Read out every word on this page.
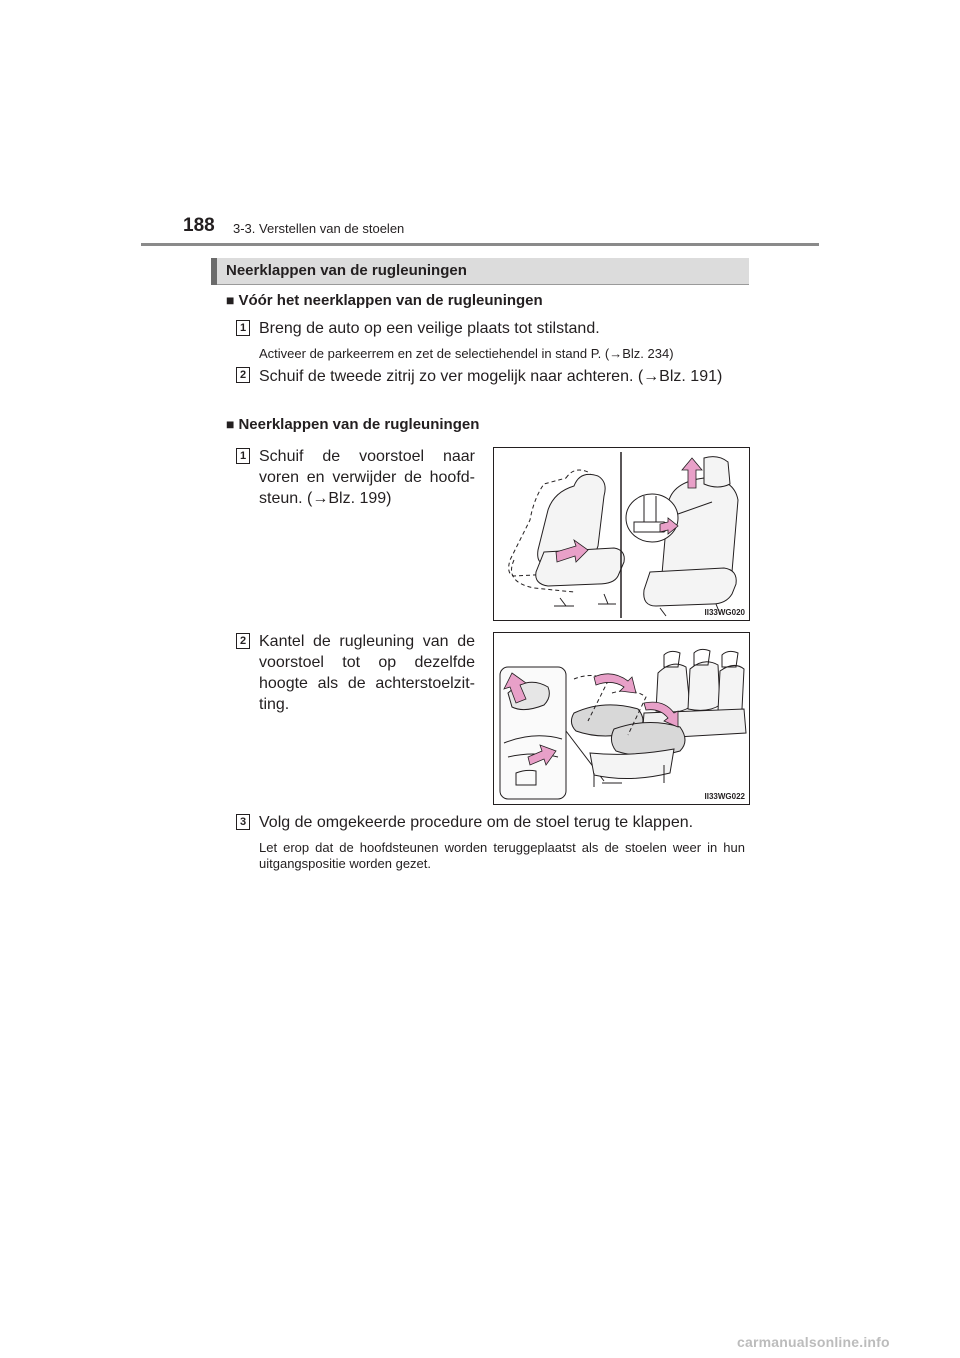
188 3-3. Verstellen van de stoelen
Neerklappen van de rugleuningen
■ Vóór het neerklappen van de rugleuningen
1 Breng de auto op een veilige plaats tot stilstand.
Activeer de parkeerrem en zet de selectiehendel in stand P. (→Blz. 234)
2 Schuif de tweede zitrij zo ver mogelijk naar achteren. (→Blz. 191)
■ Neerklappen van de rugleuningen
1 Schuif de voorstoel naar voren en verwijder de hoofd-steun. (→Blz. 199)
II33WG020
2 Kantel de rugleuning van de voorstoel tot op dezelfde hoogte als de achterstoelzit-ting.
II33WG022
3 Volg de omgekeerde procedure om de stoel terug te klappen.
Let erop dat de hoofdsteunen worden teruggeplaatst als de stoelen weer in hun uitgangspositie worden gezet.
carmanualsonline.info
